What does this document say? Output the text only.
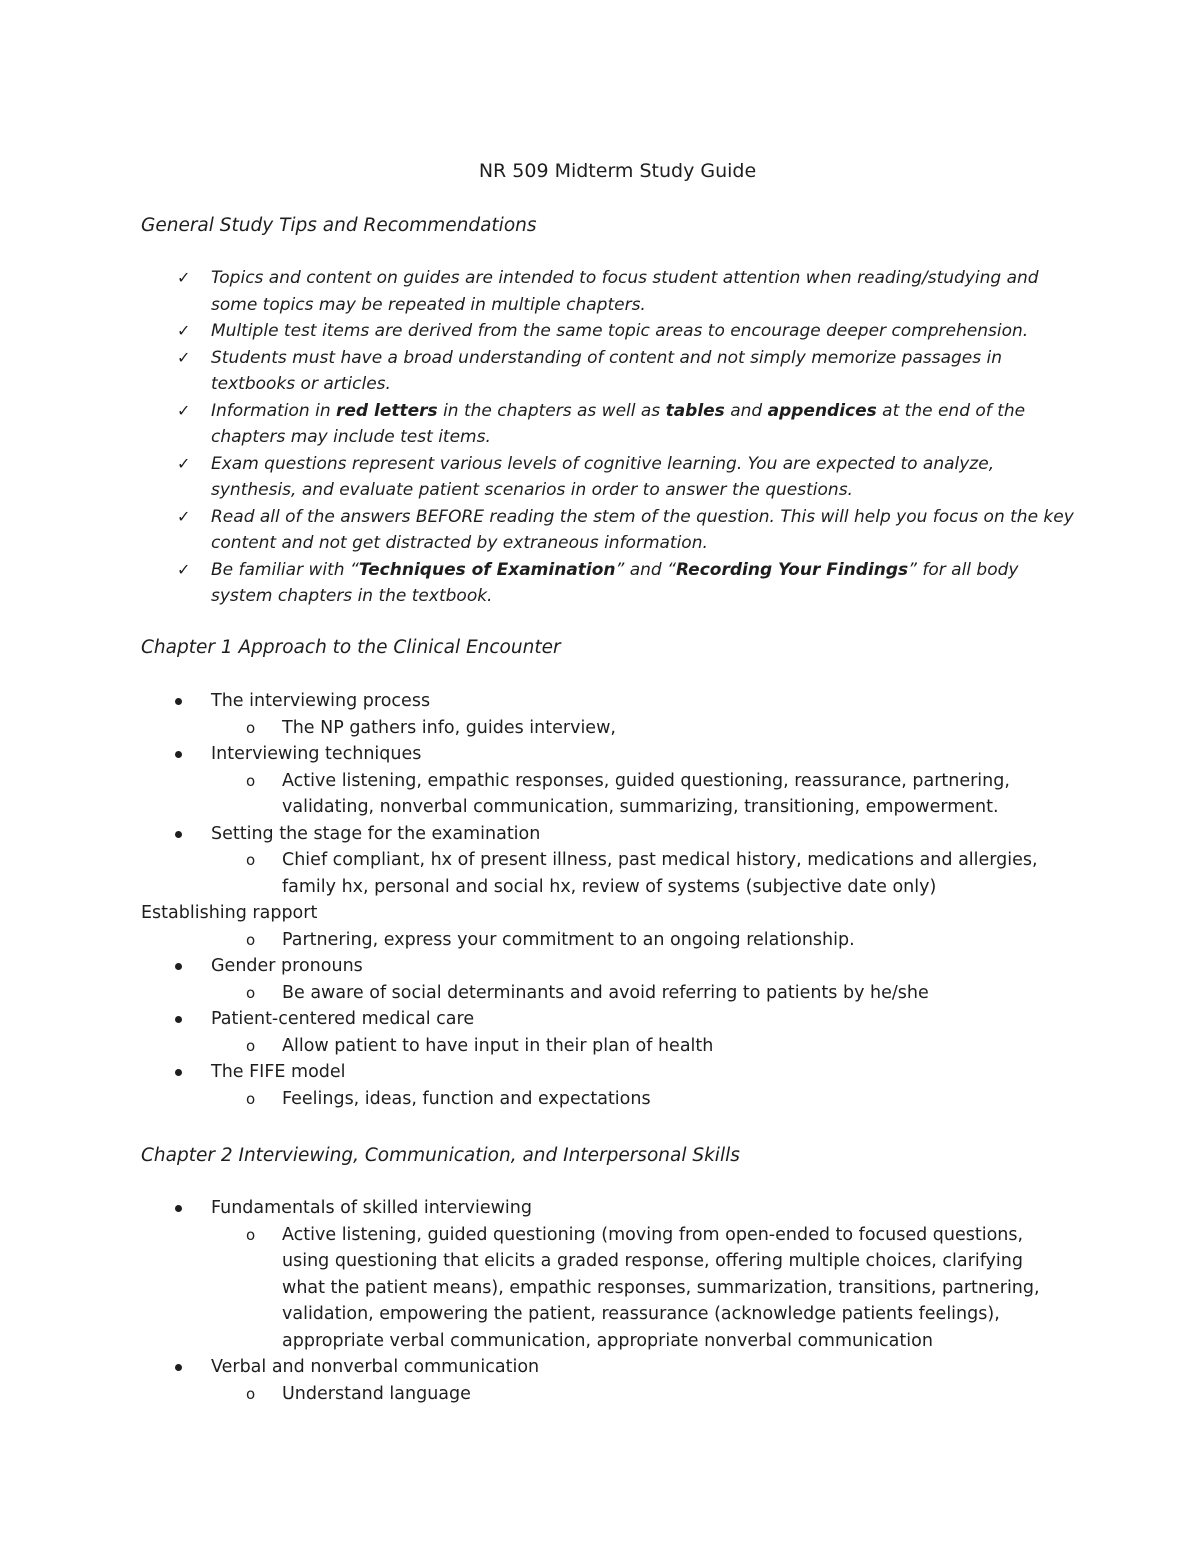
NR 509 Midterm Study Guide
General Study Tips and Recommendations
✓ Topics and content on guides are intended to focus student attention when reading/studying and some topics may be repeated in multiple chapters.
✓ Multiple test items are derived from the same topic areas to encourage deeper comprehension.
✓ Students must have a broad understanding of content and not simply memorize passages in textbooks or articles.
✓ Information in red letters in the chapters as well as tables and appendices at the end of the chapters may include test items.
✓ Exam questions represent various levels of cognitive learning. You are expected to analyze, synthesis, and evaluate patient scenarios in order to answer the questions.
✓ Read all of the answers BEFORE reading the stem of the question. This will help you focus on the key content and not get distracted by extraneous information.
✓ Be familiar with “Techniques of Examination” and “Recording Your Findings” for all body system chapters in the textbook.
Chapter 1 Approach to the Clinical Encounter
The interviewing process
o The NP gathers info, guides interview,
Interviewing techniques
o Active listening, empathic responses, guided questioning, reassurance, partnering, validating, nonverbal communication, summarizing, transitioning, empowerment.
Setting the stage for the examination
o Chief compliant, hx of present illness, past medical history, medications and allergies, family hx, personal and social hx, review of systems (subjective date only)
Establishing rapport
o Partnering, express your commitment to an ongoing relationship.
Gender pronouns
o Be aware of social determinants and avoid referring to patients by he/she
Patient-centered medical care
o Allow patient to have input in their plan of health
The FIFE model
o Feelings, ideas, function and expectations
Chapter 2 Interviewing, Communication, and Interpersonal Skills
Fundamentals of skilled interviewing
o Active listening, guided questioning (moving from open-ended to focused questions, using questioning that elicits a graded response, offering multiple choices, clarifying what the patient means), empathic responses, summarization, transitions, partnering, validation, empowering the patient, reassurance (acknowledge patients feelings), appropriate verbal communication, appropriate nonverbal communication
Verbal and nonverbal communication
o Understand language
